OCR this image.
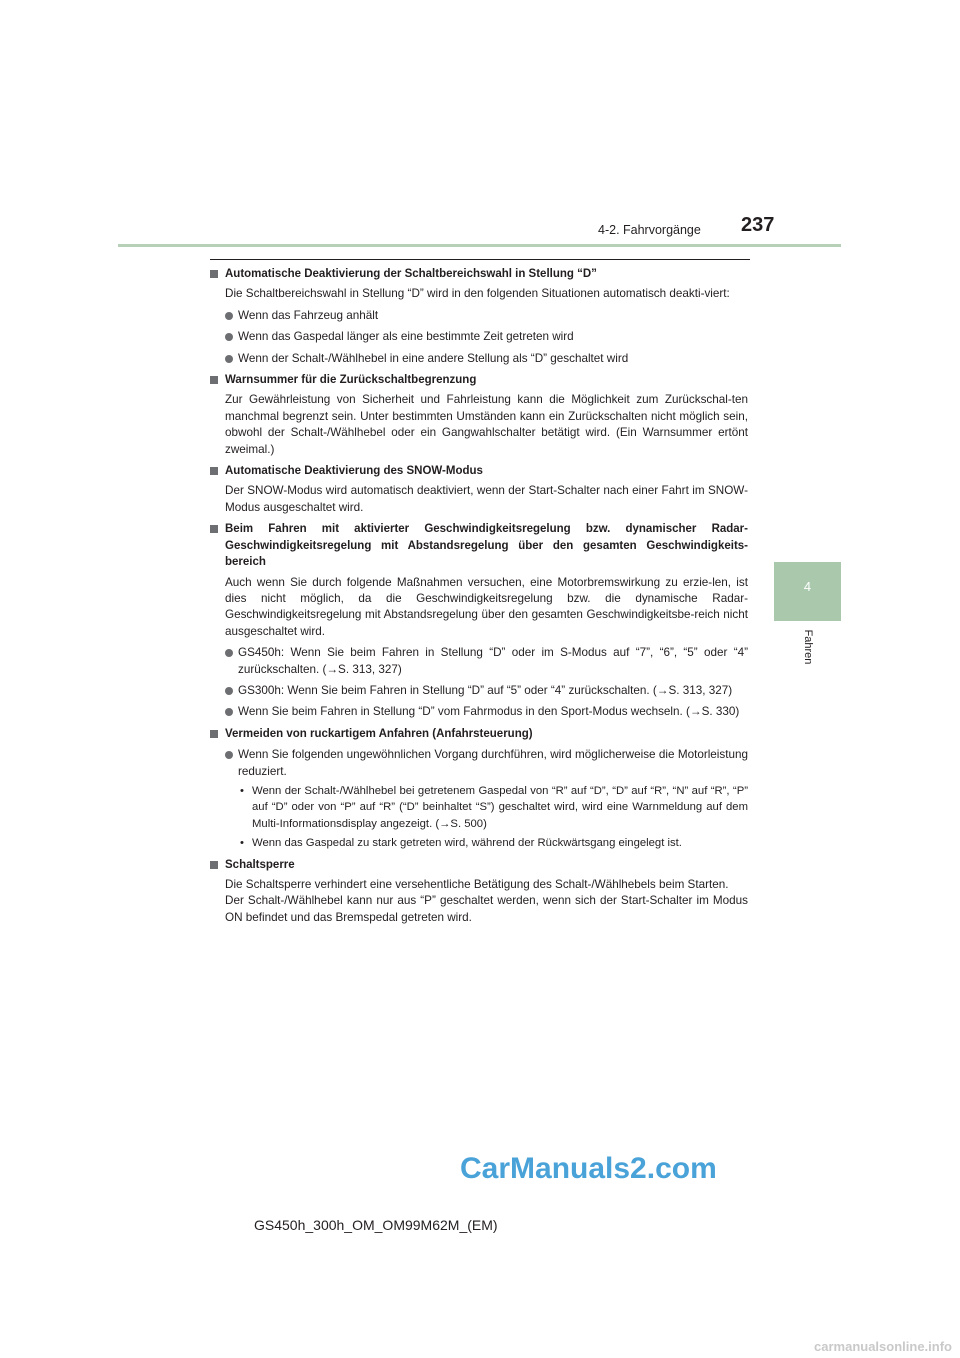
4-2. Fahrvorgänge 237
4
Fahren
Automatische Deaktivierung der Schaltbereichswahl in Stellung “D”
Die Schaltbereichswahl in Stellung “D” wird in den folgenden Situationen automatisch deakti-viert:
Wenn das Fahrzeug anhält
Wenn das Gaspedal länger als eine bestimmte Zeit getreten wird
Wenn der Schalt-/Wählhebel in eine andere Stellung als “D” geschaltet wird
Warnsummer für die Zurückschaltbegrenzung
Zur Gewährleistung von Sicherheit und Fahrleistung kann die Möglichkeit zum Zurückschal-ten manchmal begrenzt sein. Unter bestimmten Umständen kann ein Zurückschalten nicht möglich sein, obwohl der Schalt-/Wählhebel oder ein Gangwahlschalter betätigt wird. (Ein Warnsummer ertönt zweimal.)
Automatische Deaktivierung des SNOW-Modus
Der SNOW-Modus wird automatisch deaktiviert, wenn der Start-Schalter nach einer Fahrt im SNOW-Modus ausgeschaltet wird.
Beim Fahren mit aktivierter Geschwindigkeitsregelung bzw. dynamischer Radar-Geschwindigkeitsregelung mit Abstandsregelung über den gesamten Geschwindigkeits-bereich
Auch wenn Sie durch folgende Maßnahmen versuchen, eine Motorbremswirkung zu erzie-len, ist dies nicht möglich, da die Geschwindigkeitsregelung bzw. die dynamische Radar-Geschwindigkeitsregelung mit Abstandsregelung über den gesamten Geschwindigkeitsbe-reich nicht ausgeschaltet wird.
GS450h: Wenn Sie beim Fahren in Stellung “D” oder im S-Modus auf “7”, “6”, “5” oder “4” zurückschalten. (→S. 313, 327)
GS300h: Wenn Sie beim Fahren in Stellung “D” auf “5” oder “4” zurückschalten. (→S. 313, 327)
Wenn Sie beim Fahren in Stellung “D” vom Fahrmodus in den Sport-Modus wechseln. (→S. 330)
Vermeiden von ruckartigem Anfahren (Anfahrsteuerung)
Wenn Sie folgenden ungewöhnlichen Vorgang durchführen, wird möglicherweise die Motorleistung reduziert.
• Wenn der Schalt-/Wählhebel bei getretenem Gaspedal von “R” auf “D”, “D” auf “R”, “N” auf “R”, “P” auf “D” oder von “P” auf “R” (“D” beinhaltet “S”) geschaltet wird, wird eine Warnmeldung auf dem Multi-Informationsdisplay angezeigt. (→S. 500)
• Wenn das Gaspedal zu stark getreten wird, während der Rückwärtsgang eingelegt ist.
Schaltsperre
Die Schaltsperre verhindert eine versehentliche Betätigung des Schalt-/Wählhebels beim Starten.
Der Schalt-/Wählhebel kann nur aus “P” geschaltet werden, wenn sich der Start-Schalter im Modus ON befindet und das Bremspedal getreten wird.
CarManuals2.com
GS450h_300h_OM_OM99M62M_(EM)
carmanualsonline.info
